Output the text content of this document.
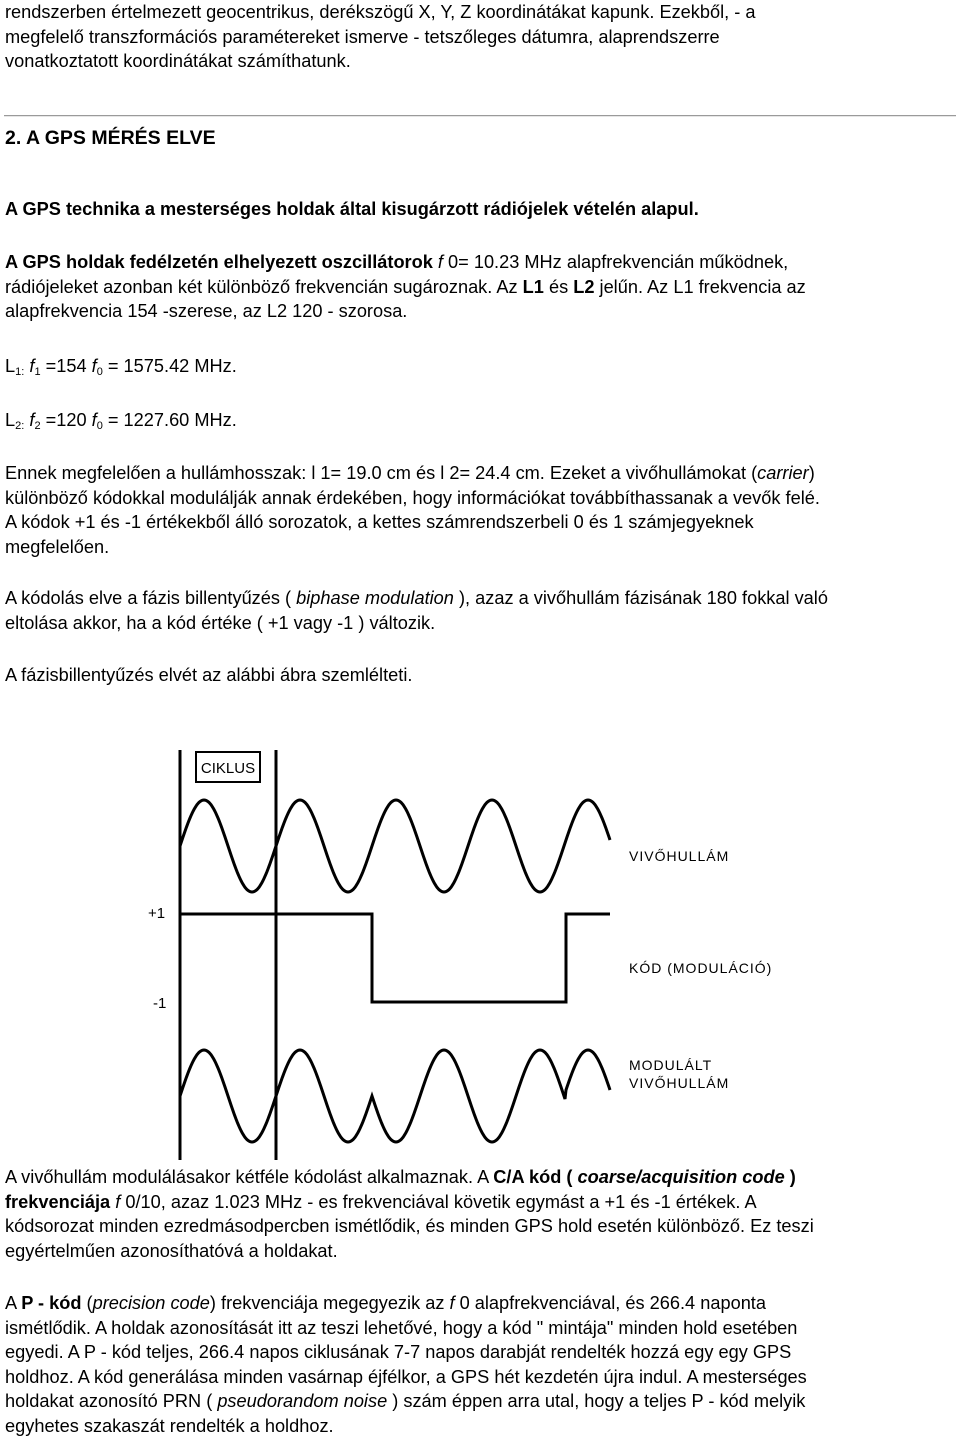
rendszerben értelmezett geocentrikus, derékszögű X, Y, Z koordinátákat kapunk. Ezekből, - a
megfelelő transzformációs paramétereket ismerve - tetszőleges dátumra, alaprendszerre
vonatkoztatott koordinátákat számíthatunk.
2. A GPS MÉRÉS ELVE
A GPS technika a mesterséges holdak által kisugárzott rádiójelek vételén alapul.
A GPS holdak fedélzetén elhelyezett oszcillátorok f 0= 10.23 MHz alapfrekvencián működnek,
rádiójeleket azonban két különböző frekvencián sugároznak. Az L1 és L2 jelűn. Az L1 frekvencia az
alapfrekvencia 154 -szerese, az L2 120 - szorosa.
$L_{1:}$ $f_1 =154$ $f_0 = 1575.42$ MHz.
$L_{2:}$ $f_2 =120$ $f_0 = 1227.60$ MHz.
Ennek megfelelően a hullámhosszak: l 1= 19.0 cm és l 2= 24.4 cm. Ezeket a vivőhullámokat (carrier)
különböző kódokkal modulálják annak érdekében, hogy információkat továbbíthassanak a vevők felé.
A kódok +1 és -1 értékekből álló sorozatok, a kettes számrendszerbeli 0 és 1 számjegyeknek
megfelelően.
A kódolás elve a fázis billentyűzés ( biphase modulation ), azaz a vivőhullám fázisának 180 fokkal való
eltolása akkor, ha a kód értéke ( +1 vagy -1 ) változik.
A fázisbillentyűzés elvét az alábbi ábra szemlélteti.
CIKLUS
VIVŐHULLÁM
+1
-1
KÓD (MODULÁCIÓ)
MODULÁLT
VIVŐHULLÁM
A vivőhullám modulálásakor kétféle kódolást alkalmaznak. A C/A kód ( coarse/acquisition code )
frekvenciája f 0/10, azaz 1.023 MHz - es frekvenciával követik egymást a +1 és -1 értékek. A
kódsorozat minden ezredmásodpercben ismétlődik, és minden GPS hold esetén különböző. Ez teszi
egyértelműen azonosíthatóvá a holdakat.
A P - kód (precision code) frekvenciája megegyezik az f 0 alapfrekvenciával, és 266.4 naponta
ismétlődik. A holdak azonosítását itt az teszi lehetővé, hogy a kód " mintája" minden hold esetében
egyedi. A P - kód teljes, 266.4 napos ciklusának 7-7 napos darabját rendelték hozzá egy egy GPS
holdhoz. A kód generálása minden vasárnap éjfélkor, a GPS hét kezdetén újra indul. A mesterséges
holdakat azonosító PRN ( pseudorandom noise ) szám éppen arra utal, hogy a teljes P - kód melyik
egyhetes szakaszát rendelték a holdhoz.
